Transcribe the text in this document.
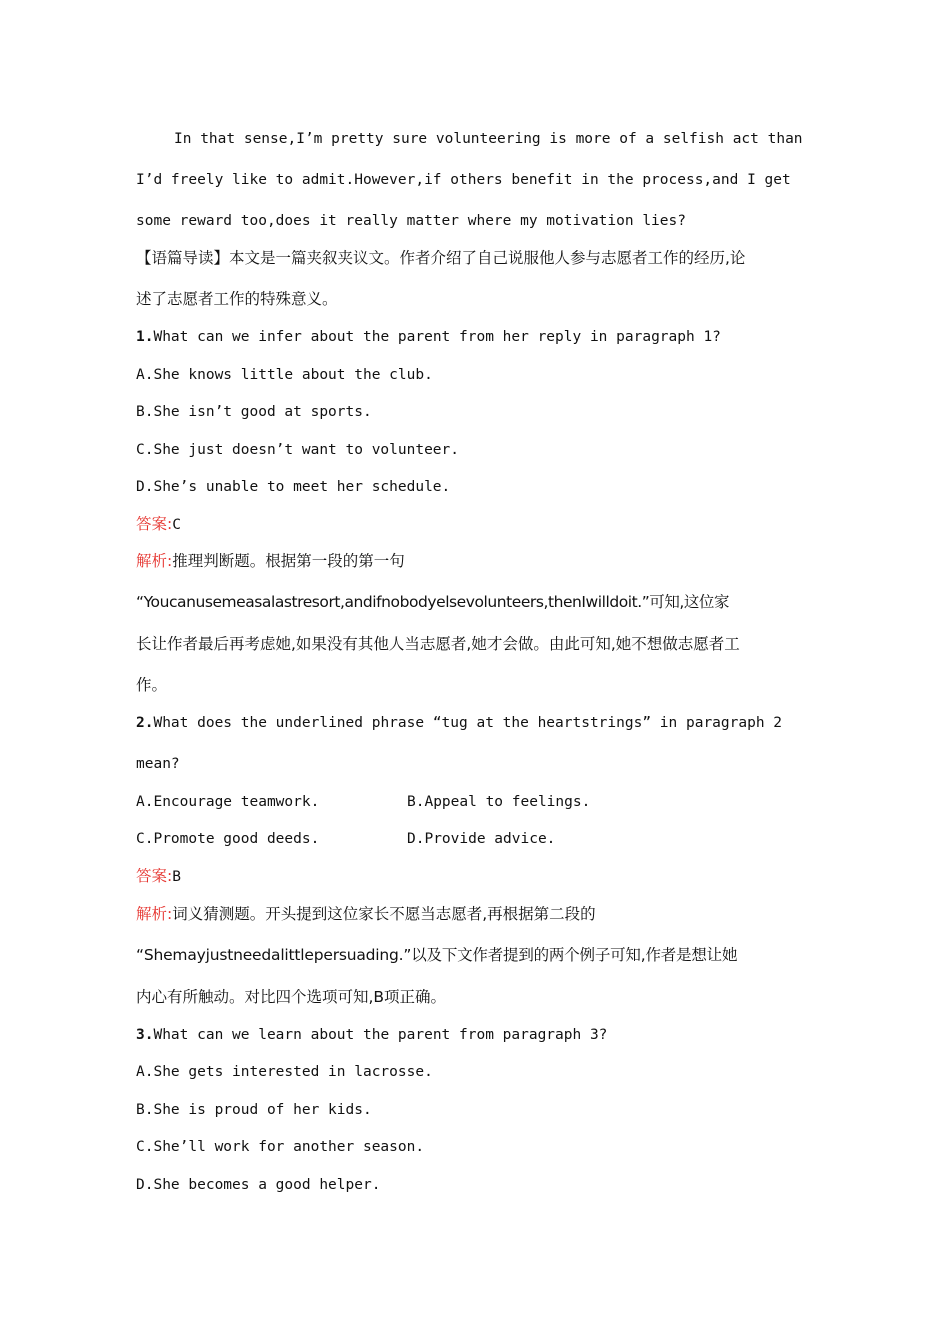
In that sense,I’m pretty sure volunteering is more of a selfish act than
I’d freely like to admit.However,if others benefit in the process,and I get
some reward too,does it really matter where my motivation lies?
【语篇导读】本文是一篇夹叙夹议文。作者介绍了自己说服他人参与志愿者工作的经历,论
述了志愿者工作的特殊意义。
1.What can we infer about the parent from her reply in paragraph 1?
A.She knows little about the club.
B.She isn’t good at sports.
C.She just doesn’t want to volunteer.
D.She’s unable to meet her schedule.
答案:C
解析:推理判断题。根据第一段的第一句
“Youcanusemeasalastresort,andifnobodyelsevolunteers,thenIwilldoit.”可知,这位家
长让作者最后再考虑她,如果没有其他人当志愿者,她才会做。由此可知,她不想做志愿者工
作。
2.What does the underlined phrase “tug at the heartstrings” in paragraph 2
mean?
A.Encourage teamwork.	B.Appeal to feelings.
C.Promote good deeds.	D.Provide advice.
答案:B
解析:词义猜测题。开头提到这位家长不愿当志愿者,再根据第二段的
“Shemayjustneedalittlepersuading.”以及下文作者提到的两个例子可知,作者是想让她
内心有所触动。对比四个选项可知,B项正确。
3.What can we learn about the parent from paragraph 3?
A.She gets interested in lacrosse.
B.She is proud of her kids.
C.She’ll work for another season.
D.She becomes a good helper.
